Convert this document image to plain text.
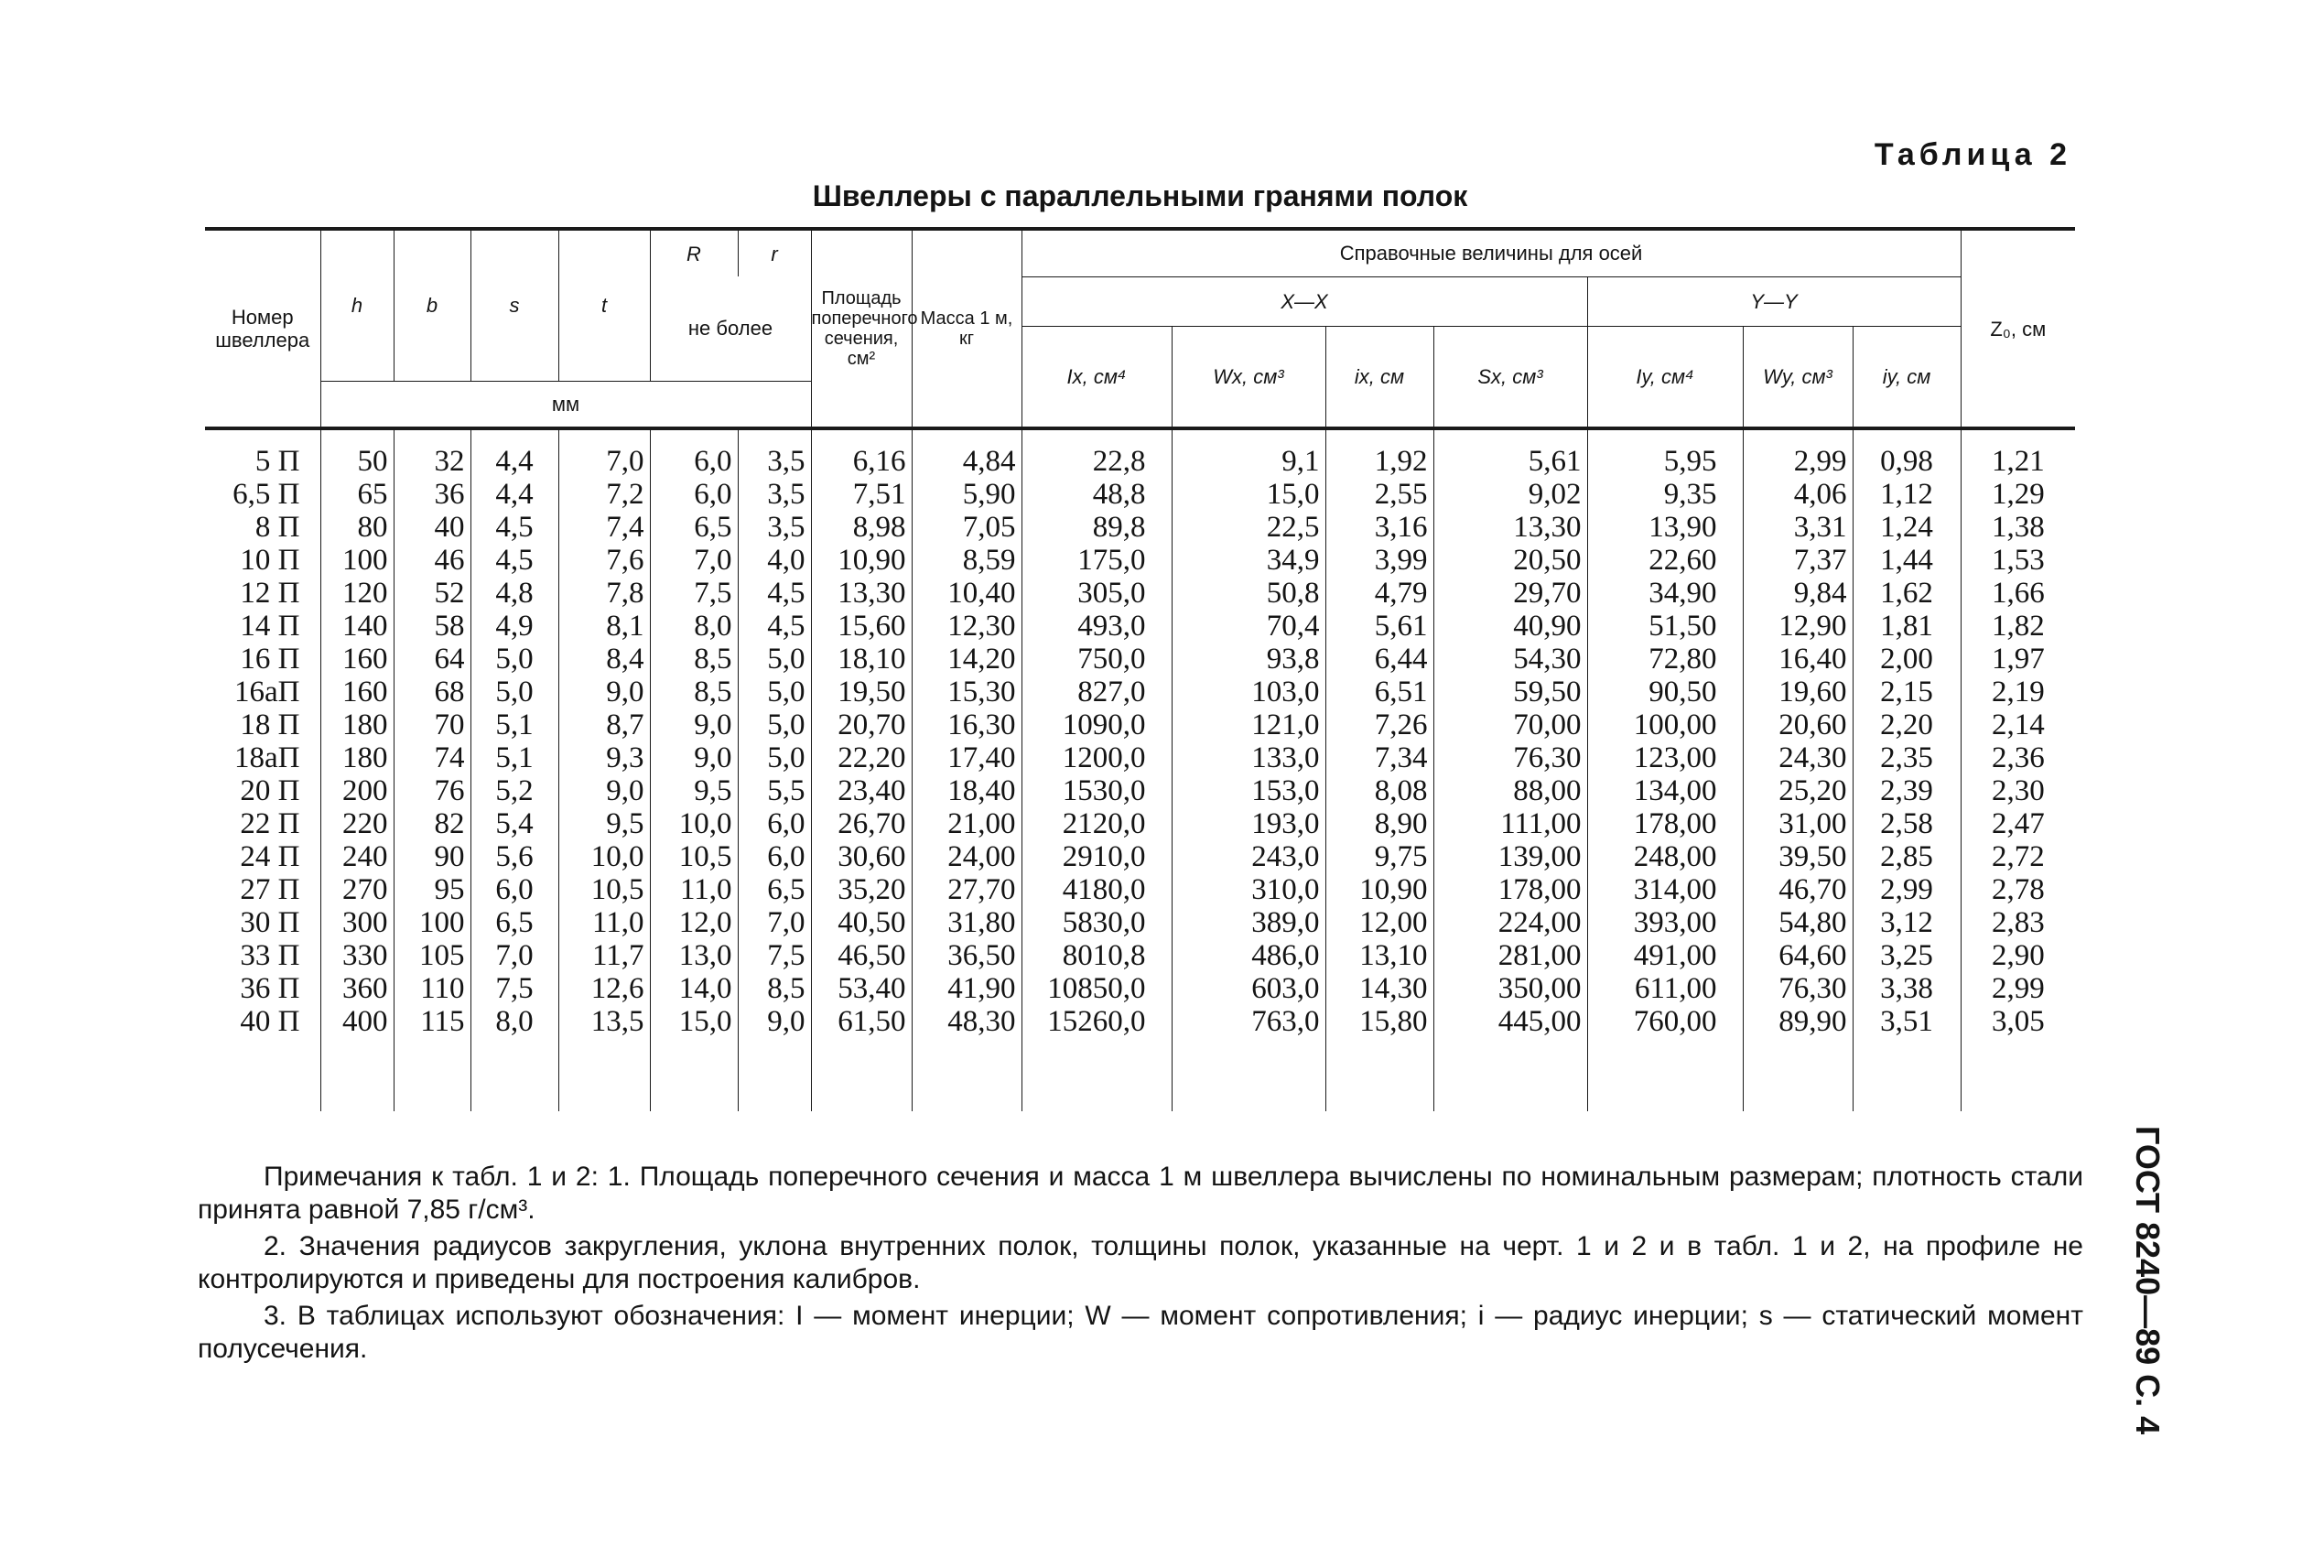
Таблица 2
Швеллеры с параллельными гранями полок
ГОСТ 8240—89 С. 4
Номер швеллера	h	b	s	t	R	r	Площадь поперечного сечения, см²	Масса 1 м, кг	Справочные величины для осей							Z₀, см
					не более				X—X				Y—Y			
									Ix, см⁴	Wx, см³	ix, см	Sx, см³	Iy, см⁴	Wy, см³	iy, см	
	мм															

5 П	50	32	4,4	7,0	6,0	3,5	6,16	4,84	22,8	9,1	1,92	5,61	5,95	2,99	0,98	1,21
6,5 П	65	36	4,4	7,2	6,0	3,5	7,51	5,90	48,8	15,0	2,55	9,02	9,35	4,06	1,12	1,29
8 П	80	40	4,5	7,4	6,5	3,5	8,98	7,05	89,8	22,5	3,16	13,30	13,90	3,31	1,24	1,38
10 П	100	46	4,5	7,6	7,0	4,0	10,90	8,59	175,0	34,9	3,99	20,50	22,60	7,37	1,44	1,53
12 П	120	52	4,8	7,8	7,5	4,5	13,30	10,40	305,0	50,8	4,79	29,70	34,90	9,84	1,62	1,66
14 П	140	58	4,9	8,1	8,0	4,5	15,60	12,30	493,0	70,4	5,61	40,90	51,50	12,90	1,81	1,82
16 П	160	64	5,0	8,4	8,5	5,0	18,10	14,20	750,0	93,8	6,44	54,30	72,80	16,40	2,00	1,97
16аП	160	68	5,0	9,0	8,5	5,0	19,50	15,30	827,0	103,0	6,51	59,50	90,50	19,60	2,15	2,19
18 П	180	70	5,1	8,7	9,0	5,0	20,70	16,30	1090,0	121,0	7,26	70,00	100,00	20,60	2,20	2,14
18аП	180	74	5,1	9,3	9,0	5,0	22,20	17,40	1200,0	133,0	7,34	76,30	123,00	24,30	2,35	2,36
20 П	200	76	5,2	9,0	9,5	5,5	23,40	18,40	1530,0	153,0	8,08	88,00	134,00	25,20	2,39	2,30
22 П	220	82	5,4	9,5	10,0	6,0	26,70	21,00	2120,0	193,0	8,90	111,00	178,00	31,00	2,58	2,47
24 П	240	90	5,6	10,0	10,5	6,0	30,60	24,00	2910,0	243,0	9,75	139,00	248,00	39,50	2,85	2,72
27 П	270	95	6,0	10,5	11,0	6,5	35,20	27,70	4180,0	310,0	10,90	178,00	314,00	46,70	2,99	2,78
30 П	300	100	6,5	11,0	12,0	7,0	40,50	31,80	5830,0	389,0	12,00	224,00	393,00	54,80	3,12	2,83
33 П	330	105	7,0	11,7	13,0	7,5	46,50	36,50	8010,8	486,0	13,10	281,00	491,00	64,60	3,25	2,90
36 П	360	110	7,5	12,6	14,0	8,5	53,40	41,90	10850,0	603,0	14,30	350,00	611,00	76,30	3,38	2,99
40 П	400	115	8,0	13,5	15,0	9,0	61,50	48,30	15260,0	763,0	15,80	445,00	760,00	89,90	3,51	3,05

Примечания к табл. 1 и 2: 1. Площадь поперечного сечения и масса 1 м швеллера вычислены по номинальным размерам; плотность стали принята равной 7,85 г/см³.

2. Значения радиусов закругления, уклона внутренних полок, толщины полок, указанные на черт. 1 и 2 и в табл. 1 и 2, на профиле не контролируются и приведены для построения калибров.

3. В таблицах используют обозначения: I — момент инерции; W — момент сопротивления; i — радиус инерции; s — статический момент полусечения.
